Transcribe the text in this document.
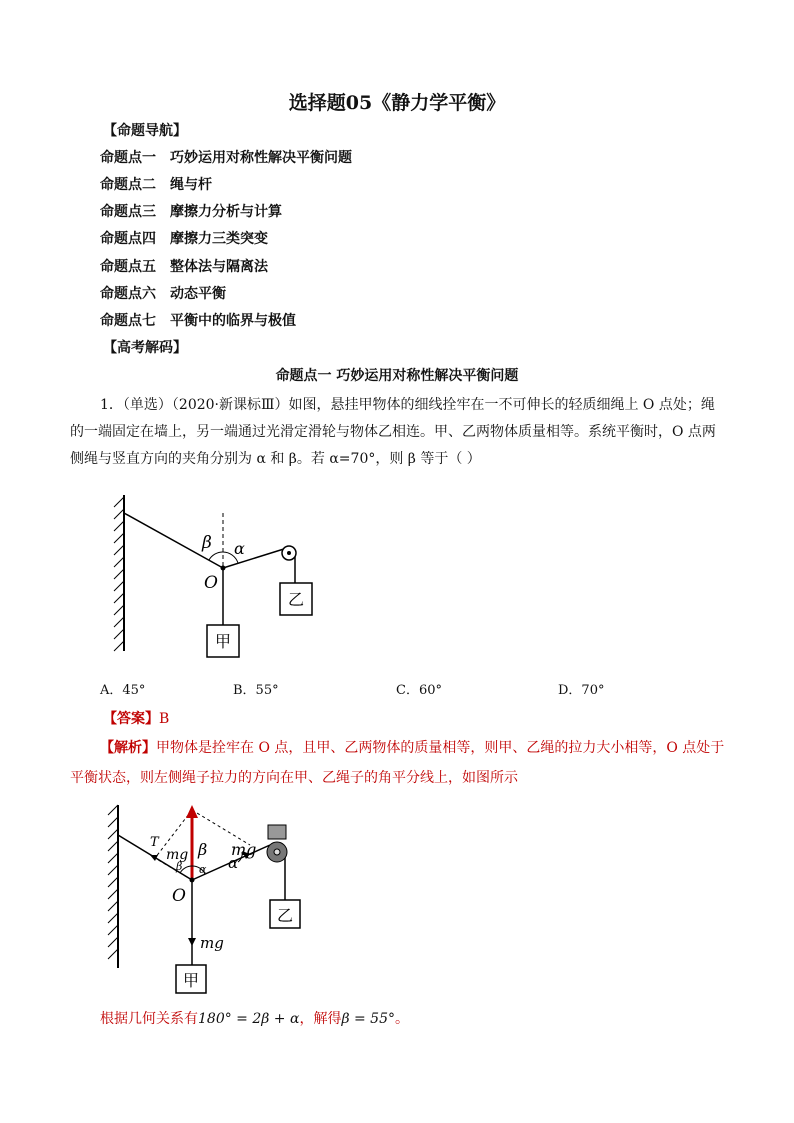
选择题05《静力学平衡》
【命题导航】
命题点一 巧妙运用对称性解决平衡问题
命题点二 绳与杆
命题点三 摩擦力分析与计算
命题点四 摩擦力三类突变
命题点五 整体法与隔离法
命题点六 动态平衡
命题点七 平衡中的临界与极值
【高考解码】
命题点一 巧妙运用对称性解决平衡问题
1．（单选）（2020·新课标Ⅲ）如图，悬挂甲物体的细线拴牢在一不可伸长的轻质细绳上 O 点处；绳的一端固定在墙上，另一端通过光滑定滑轮与物体乙相连。甲、乙两物体质量相等。系统平衡时，O 点两侧绳与竖直方向的夹角分别为 α 和 β。若 α=70°，则 β 等于（ ）
β α
O
甲
乙
A．45°	B．55°	C．60°	D．70°
【答案】B
【解析】甲物体是拴牢在 O 点，且甲、乙两物体的质量相等，则甲、乙绳的拉力大小相等，O 点处于平衡状态，则左侧绳子拉力的方向在甲、乙绳子的角平分线上，如图所示
T
mg
β
β mg
α
α
O
mg
甲
乙
根据几何关系有180° = 2β + α，解得β = 55°。
